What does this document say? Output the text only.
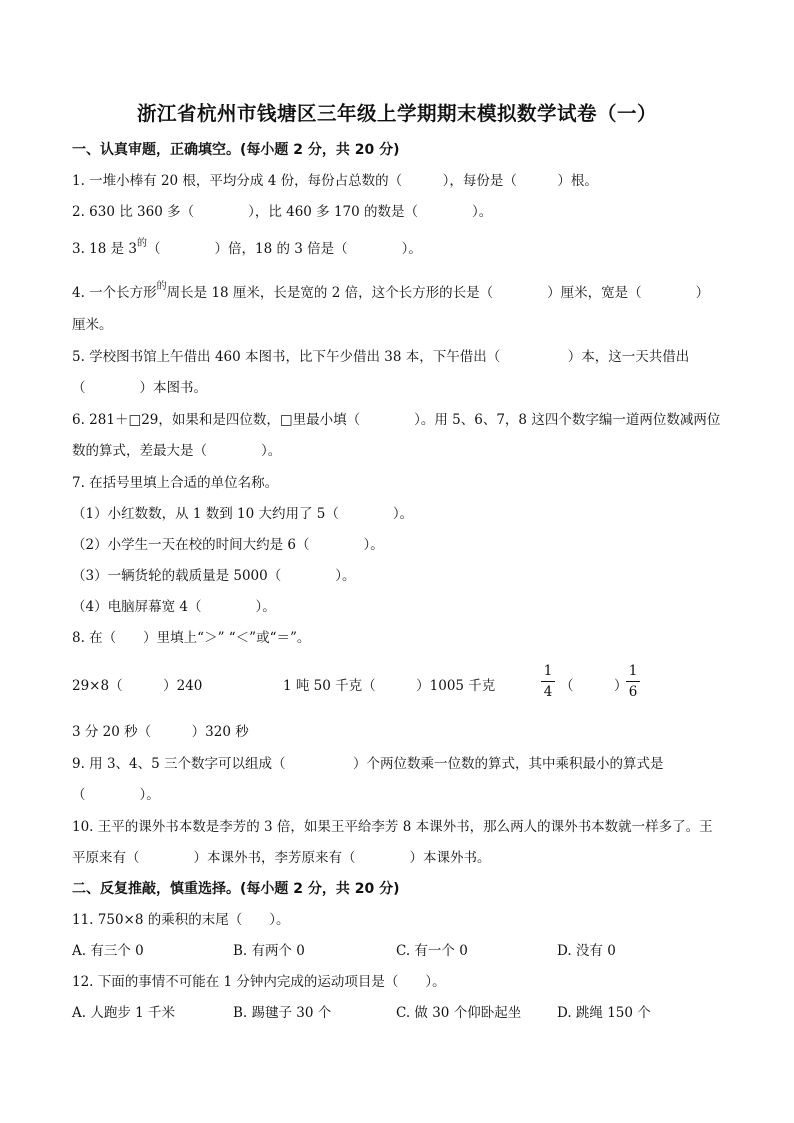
浙江省杭州市钱塘区三年级上学期期末模拟数学试卷（一）
一、认真审题，正确填空。(每小题 2 分，共 20 分)
1. 一堆小棒有 20 根，平均分成 4 份，每份占总数的（　　　），每份是（　　　）根。
2. 630 比 360 多（　　　　），比 460 多 170 的数是（　　　　）。
3. 18 是 $3^的$（　　　　）倍，18 的 3 倍是（　　　　）。
4. 一个长方形$^的$周长是 18 厘米，长是宽的 2 倍，这个长方形的长是（　　　　）厘米，宽是（　　　　）
厘米。
5. 学校图书馆上午借出 460 本图书，比下午少借出 38 本，下午借出（　　　　　）本，这一天共借出
（　　　　）本图书。
6. 281＋□29，如果和是四位数，□里最小填（　　　　）。用 5、6、7，8 这四个数字编一道两位数减两位
数的算式，差最大是（　　　　）。
7. 在括号里填上合适的单位名称。
（1）小红数数，从 1 数到 10 大约用了 5（　　　　）。
（2）小学生一天在校的时间大约是 6（　　　　）。
（3）一辆货轮的载质量是 5000（　　　　）。
（4）电脑屏幕宽 4（　　　　）。
8. 在（　　）里填上“＞” “＜”或“＝”。
29×8（　　　）240	1 吨 50 千克（　　　）1005 千克
1
4 （　　　）
1
6
3 分 20 秒（　　　）320 秒
9. 用 3、4、5 三个数字可以组成（　　　　　）个两位数乘一位数的算式，其中乘积最小的算式是
（　　　　）。
10. 王平的课外书本数是李芳的 3 倍，如果王平给李芳 8 本课外书，那么两人的课外书本数就一样多了。王
平原来有（　　　　）本课外书，李芳原来有（　　　　）本课外书。
二、反复推敲，慎重选择。(每小题 2 分，共 20 分)
11. 750×8 的乘积的末尾（　　）。
A. 有三个 0	B. 有两个 0	C. 有一个 0	D. 没有 0
12. 下面的事情不可能在 1 分钟内完成的运动项目是（　　）。
A. 人跑步 1 千米	B. 踢毽子 30 个	C. 做 30 个仰卧起坐	D. 跳绳 150 个
